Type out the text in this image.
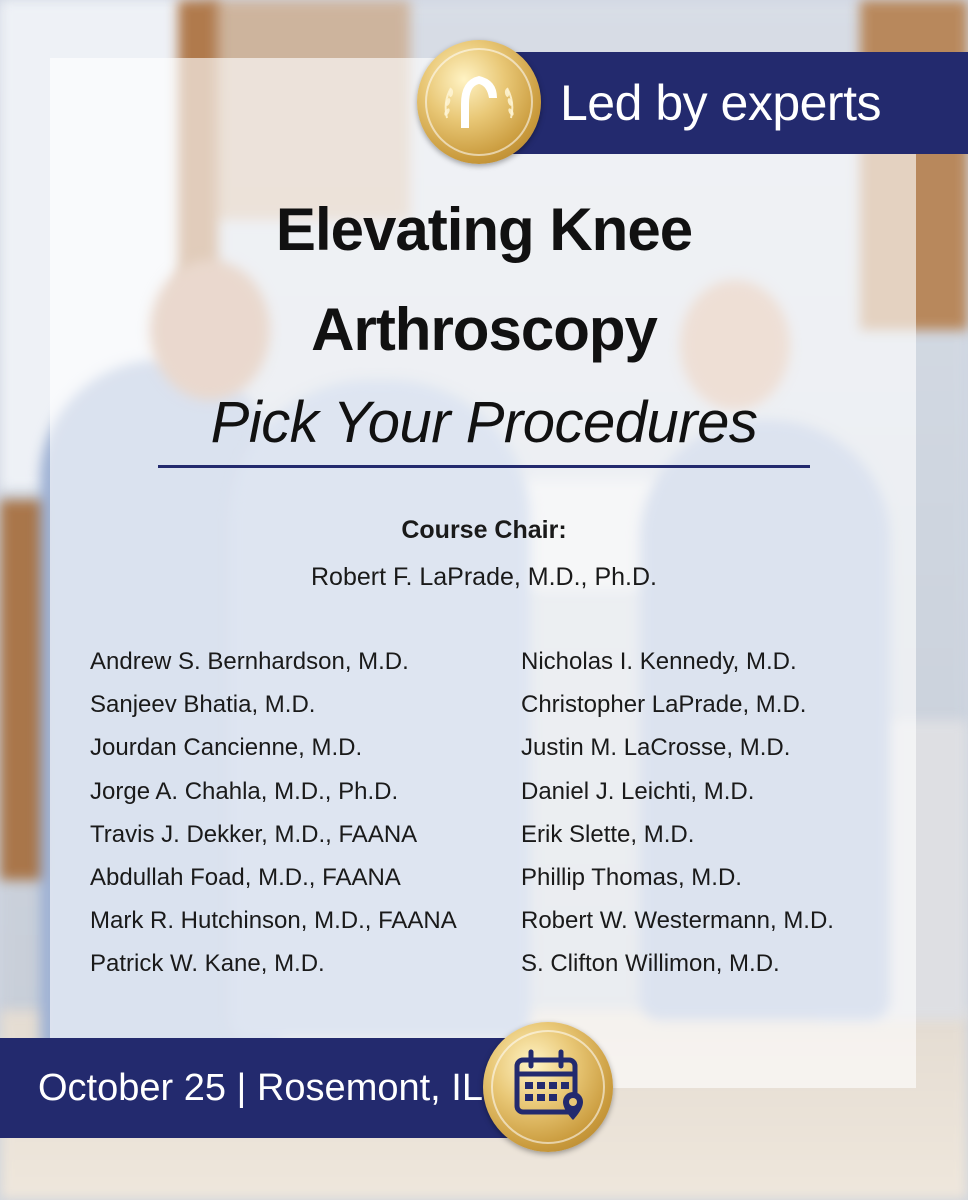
Led by experts
Elevating Knee
Arthroscopy
Pick Your Procedures
Course Chair:
Robert F. LaPrade, M.D., Ph.D.
Andrew S. Bernhardson, M.D.
Sanjeev Bhatia, M.D.
Jourdan Cancienne, M.D.
Jorge A. Chahla, M.D., Ph.D.
Travis J. Dekker, M.D., FAANA
Abdullah Foad, M.D., FAANA
Mark R. Hutchinson, M.D., FAANA
Patrick W. Kane, M.D.
Nicholas I. Kennedy, M.D.
Christopher LaPrade, M.D.
Justin M. LaCrosse, M.D.
Daniel J. Leichti, M.D.
Erik Slette, M.D.
Phillip Thomas, M.D.
Robert W. Westermann, M.D.
S. Clifton Willimon, M.D.
October 25 | Rosemont, IL
